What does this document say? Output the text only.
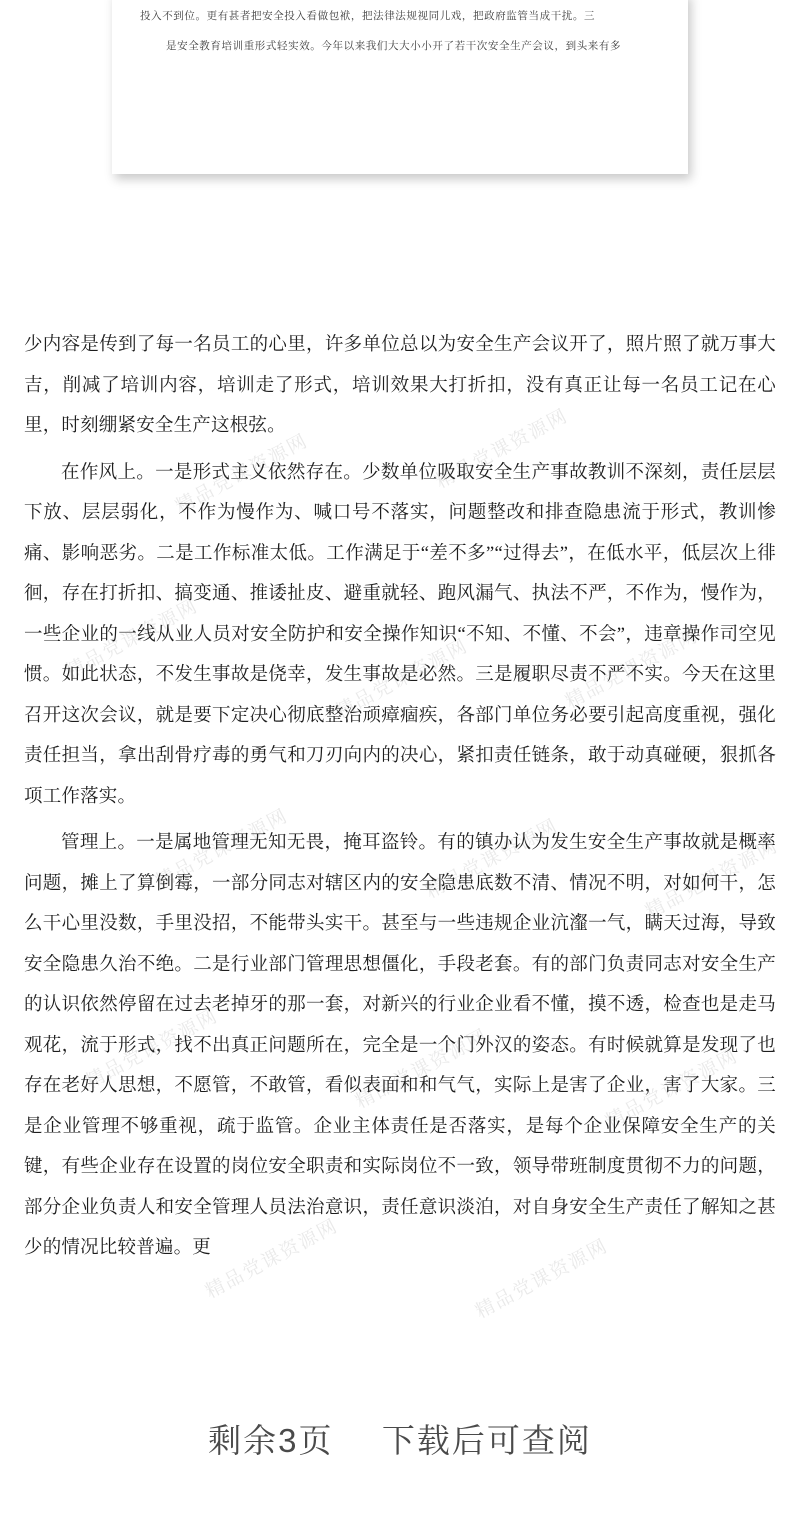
投入不到位。更有甚者把安全投入看做包袱，把法律法规视同儿戏，把政府监管当成干扰。三
是安全教育培训重形式轻实效。今年以来我们大大小小开了若干次安全生产会议，到头来有多

少内容是传到了每一名员工的心里，许多单位总以为安全生产会议开了，照片照了就万事大吉，削减了培训内容，培训走了形式，培训效果大打折扣，没有真正让每一名员工记在心里，时刻绷紧安全生产这根弦。

在作风上。一是形式主义依然存在。少数单位吸取安全生产事故教训不深刻，责任层层下放、层层弱化，不作为慢作为、喊口号不落实，问题整改和排查隐患流于形式，教训惨痛、影响恶劣。二是工作标准太低。工作满足于“差不多”“过得去”，在低水平，低层次上徘徊，存在打折扣、搞变通、推诿扯皮、避重就轻、跑风漏气、执法不严，不作为，慢作为，一些企业的一线从业人员对安全防护和安全操作知识“不知、不懂、不会”，违章操作司空见惯。如此状态，不发生事故是侥幸，发生事故是必然。三是履职尽责不严不实。今天在这里召开这次会议，就是要下定决心彻底整治顽瘴痼疾，各部门单位务必要引起高度重视，强化责任担当，拿出刮骨疗毒的勇气和刀刃向内的决心，紧扣责任链条，敢于动真碰硬，狠抓各项工作落实。

管理上。一是属地管理无知无畏，掩耳盗铃。有的镇办认为发生安全生产事故就是概率问题，摊上了算倒霉，一部分同志对辖区内的安全隐患底数不清、情况不明，对如何干，怎么干心里没数，手里没招，不能带头实干。甚至与一些违规企业沆瀣一气，瞒天过海，导致安全隐患久治不绝。二是行业部门管理思想僵化，手段老套。有的部门负责同志对安全生产的认识依然停留在过去老掉牙的那一套，对新兴的行业企业看不懂，摸不透，检查也是走马观花，流于形式，找不出真正问题所在，完全是一个门外汉的姿态。有时候就算是发现了也存在老好人思想，不愿管，不敢管，看似表面和和气气，实际上是害了企业，害了大家。三是企业管理不够重视，疏于监管。企业主体责任是否落实，是每个企业保障安全生产的关键，有些企业存在设置的岗位安全职责和实际岗位不一致，领导带班制度贯彻不力的问题，部分企业负责人和安全管理人员法治意识，责任意识淡泊，对自身安全生产责任了解知之甚少的情况比较普遍。更

精品党课资源网	精品党课资源网
精品党课资源网	精品党课资源网	精品党课资源网
精品党课资源网	精品党课资源网	精品党课资源网
精品党课资源网	精品党课资源网	精品党课资源网
精品党课资源网	精品党课资源网
剩余3页 下载后可查阅
